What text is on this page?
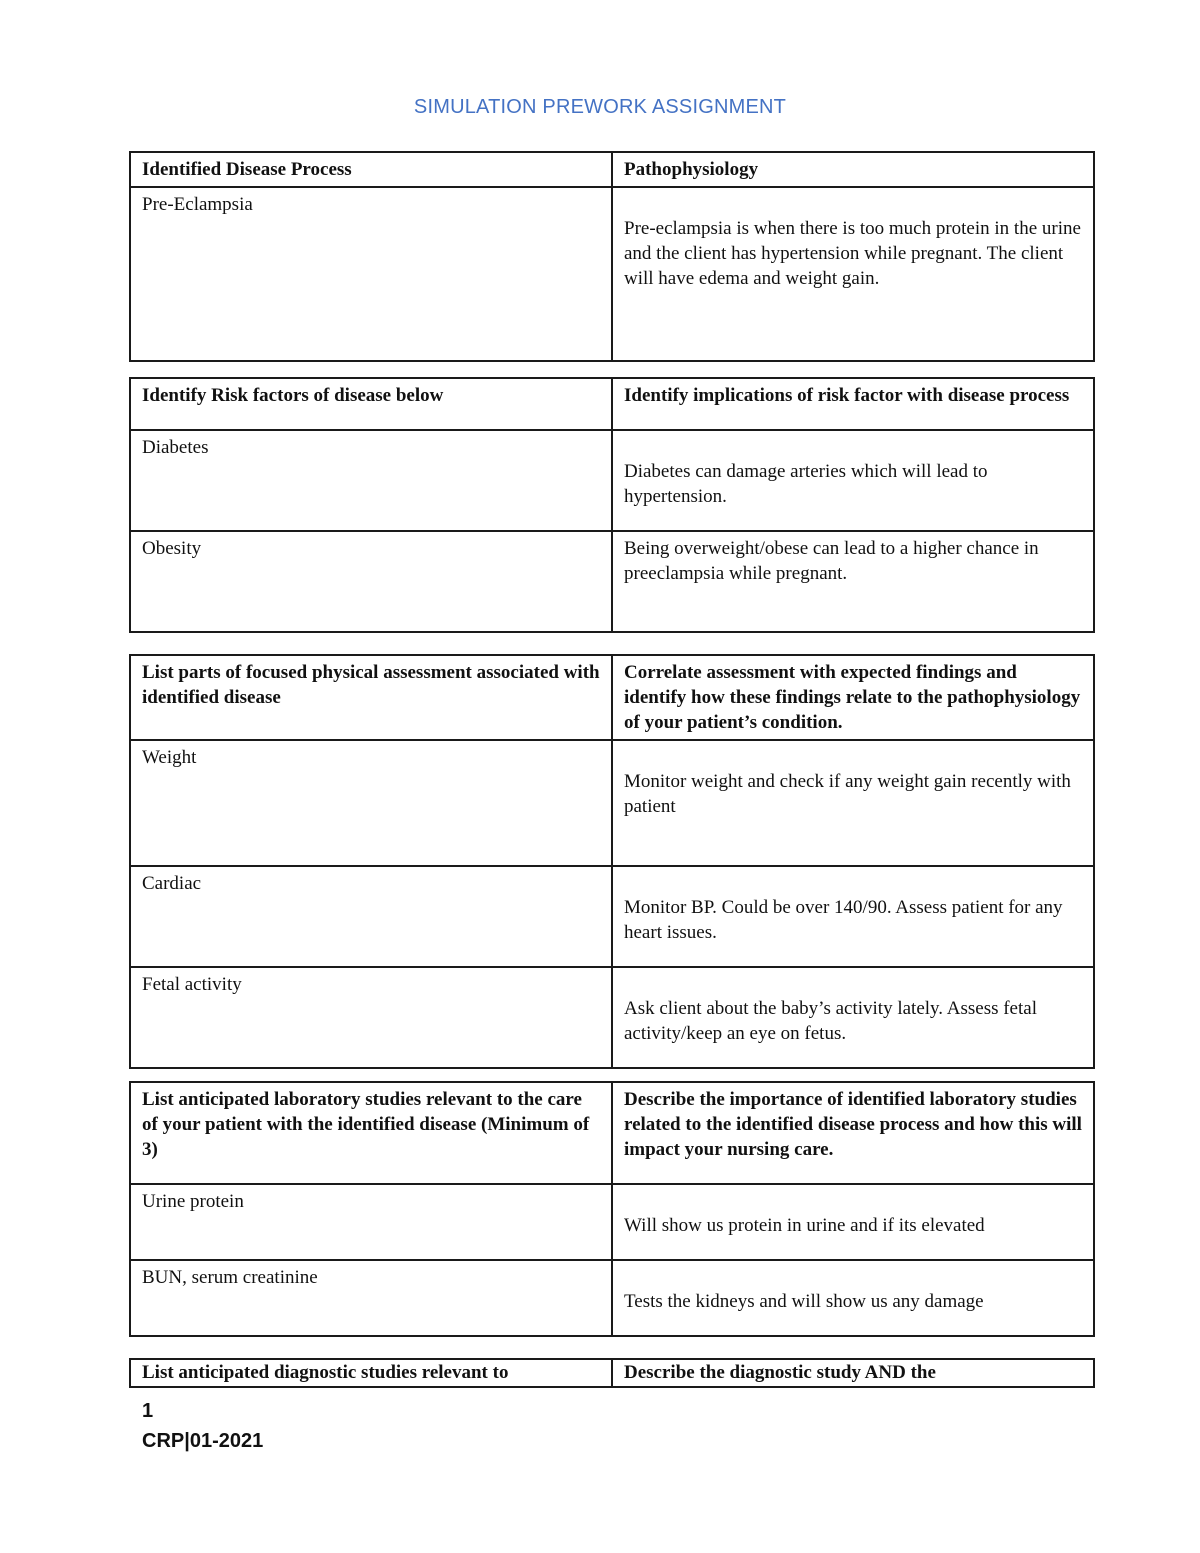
SIMULATION PREWORK ASSIGNMENT
Identified Disease Process	Pathophysiology
Pre-Eclampsia	Pre-eclampsia is when there is too much protein in the urine and the client has hypertension while pregnant. The client will have edema and weight gain.
Identify Risk factors of disease below	Identify implications of risk factor with disease process
Diabetes	Diabetes can damage arteries which will lead to hypertension.
Obesity	Being overweight/obese can lead to a higher chance in preeclampsia while pregnant.
List parts of focused physical assessment associated with identified disease	Correlate assessment with expected findings and identify how these findings relate to the pathophysiology of your patient’s condition.
Weight	Monitor weight and check if any weight gain recently with patient
Cardiac	Monitor BP. Could be over 140/90. Assess patient for any heart issues.
Fetal activity	Ask client about the baby’s activity lately. Assess fetal activity/keep an eye on fetus.
List anticipated laboratory studies relevant to the care of your patient with the identified disease (Minimum of 3)	Describe the importance of identified laboratory studies related to the identified disease process and how this will impact your nursing care.
Urine protein	Will show us protein in urine and if its elevated
BUN, serum creatinine	Tests the kidneys and will show us any damage
List anticipated diagnostic studies relevant to	Describe the diagnostic study AND the
1
CRP|01-2021
